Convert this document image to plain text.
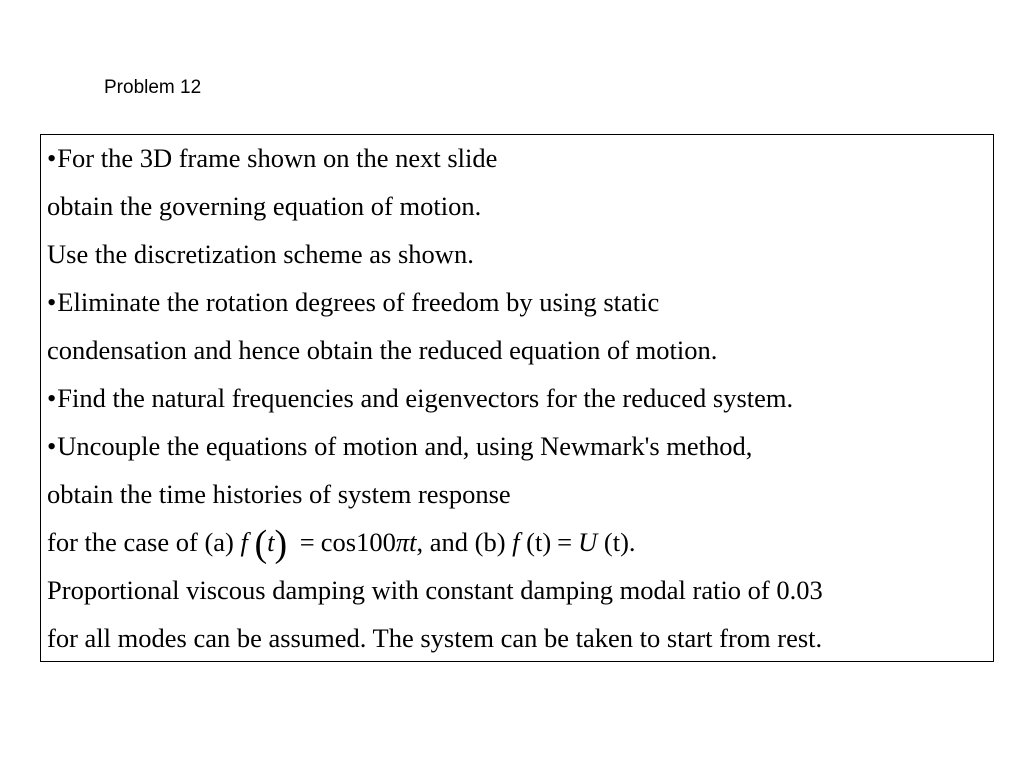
Problem 12
•For the 3D frame shown on the next slide
obtain the governing equation of motion.
Use the discretization scheme as shown.
•Eliminate the rotation degrees of freedom by using static
condensation and hence obtain the reduced equation of motion.
•Find the natural frequencies and eigenvectors for the reduced system.
•Uncouple the equations of motion and, using Newmark's method,
obtain the time histories of system response
for the case of (a) f (t) = cos100πt, and (b) f (t) = U (t).
Proportional viscous damping with constant damping modal ratio of 0.03
for all modes can be assumed. The system can be taken to start from rest.
